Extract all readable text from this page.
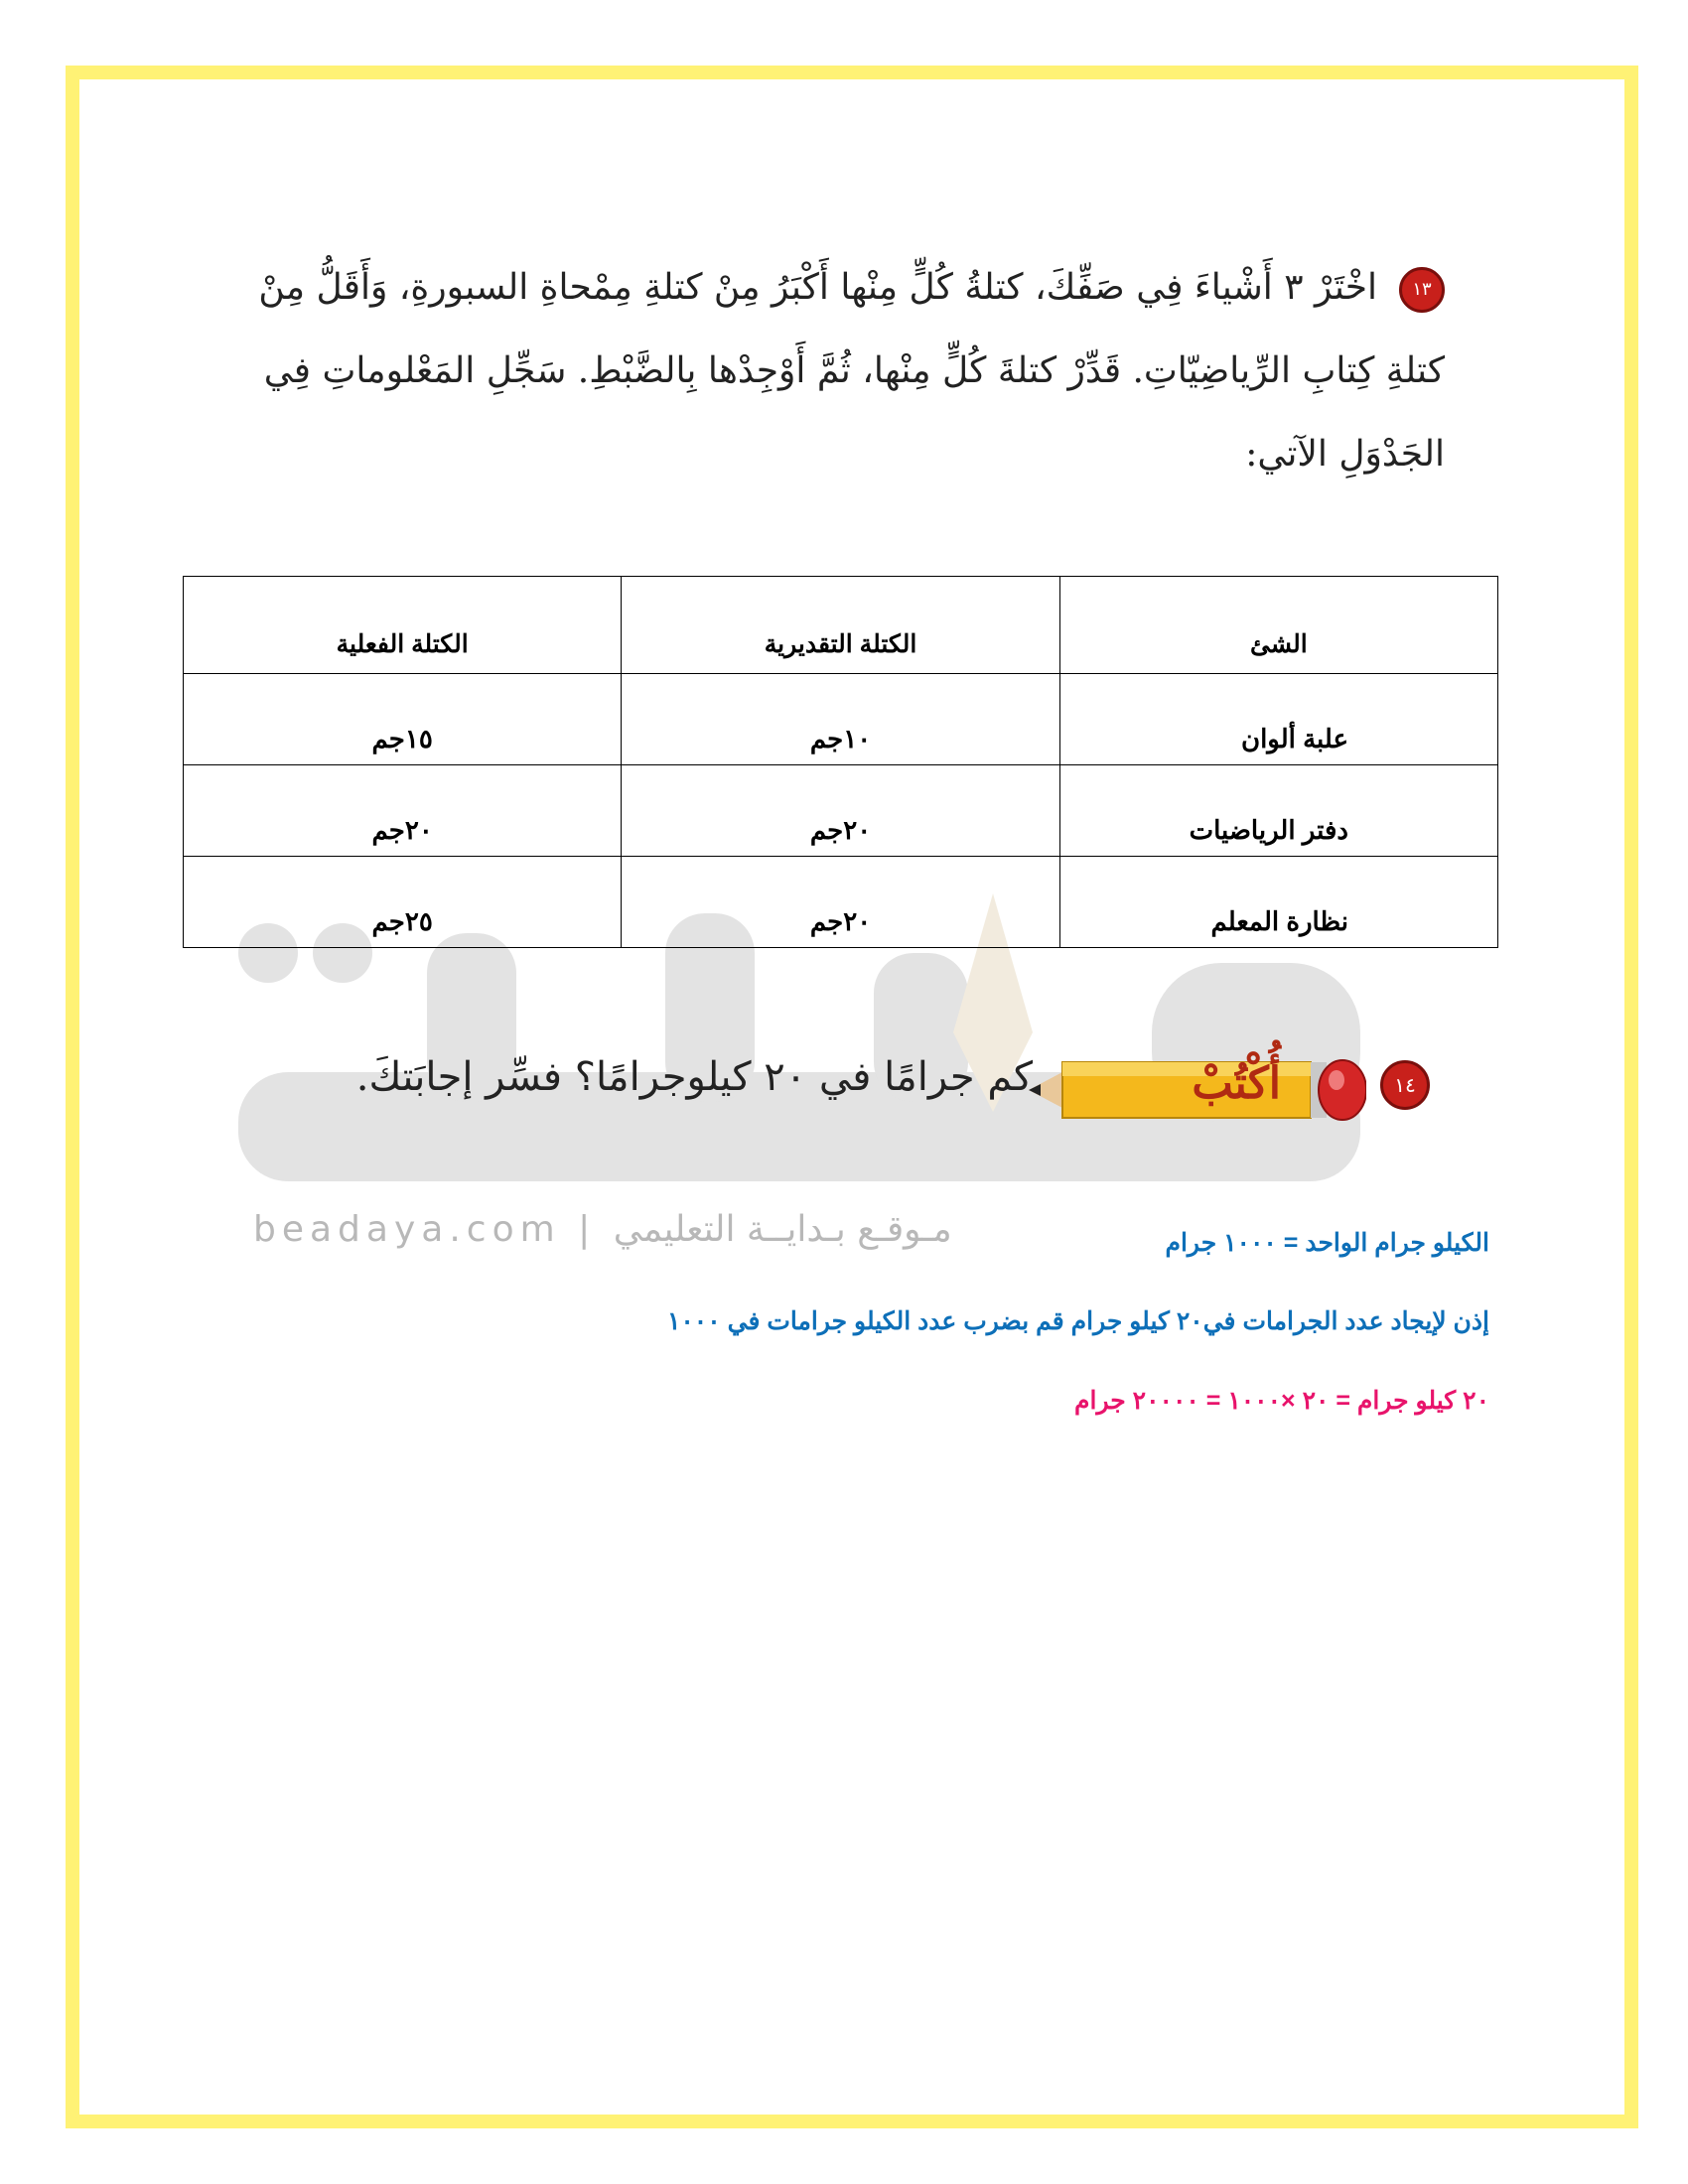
beadaya.com | مـوقـع بـدايــة التعليمي
١٣اخْتَرْ ٣ أَشْياءَ فِي صَفِّكَ، كتلةُ كُلٍّ مِنْها أَكْبَرُ مِنْ كتلةِ مِمْحاةِ السبورةِ، وَأَقَلُّ مِنْ كتلةِ كِتابِ الرِّياضِيّاتِ. قَدِّرْ كتلةَ كُلٍّ مِنْها، ثُمَّ أَوْجِدْها بِالضَّبْطِ. سَجِّلِ المَعْلوماتِ فِي الجَدْوَلِ الآتي:
الشئ	الكتلة التقديرية	الكتلة الفعلية
علبة ألوان	١٠جم	١٥جم
دفتر الرياضيات	٢٠جم	٢٠جم
نظارة المعلم	٢٠جم	٢٥جم
١٤
أُكْتُبْ
كم جرامًا في ٢٠ كيلوجرامًا؟ فسِّر إجابَتكَ.
الكيلو جرام الواحد = ١٠٠٠ جرام
إذن لإيجاد عدد الجرامات في٢٠ كيلو جرام قم بضرب عدد الكيلو جرامات في ١٠٠٠
٢٠ كيلو جرام = ٢٠ ×١٠٠٠ = ٢٠٠٠٠ جرام
